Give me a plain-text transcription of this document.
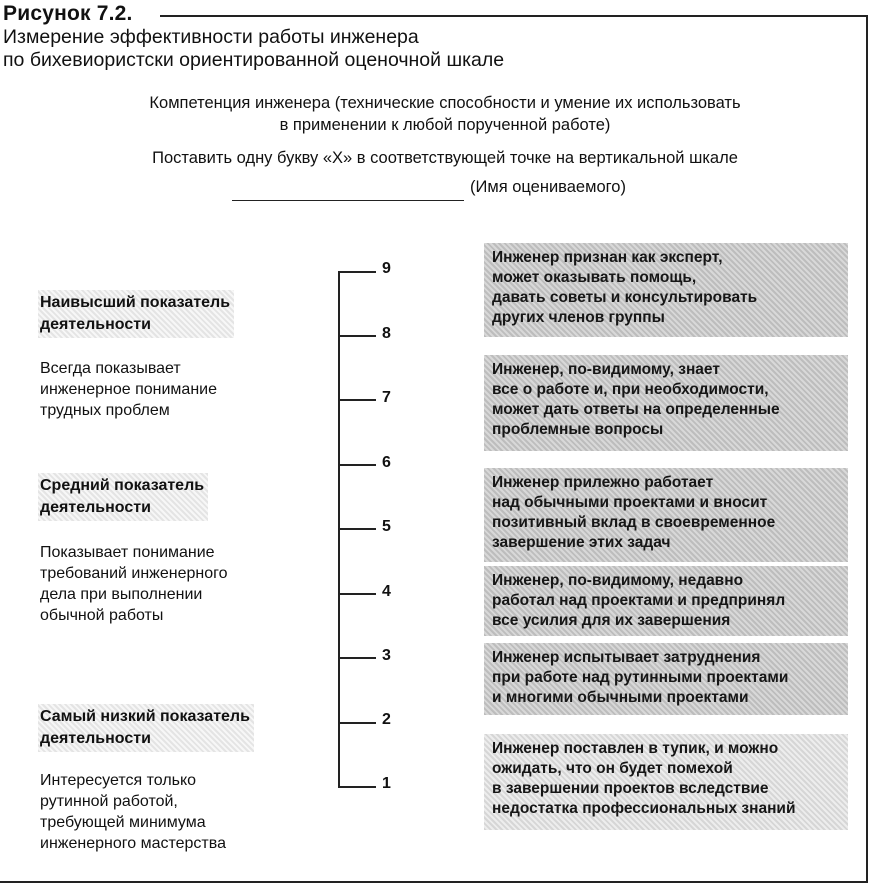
Рисунок 7.2.
Измерение эффективности работы инженера
по бихевиористски ориентированной оценочной шкале
Компетенция инженера (технические способности и умение их использовать
в применении к любой порученной работе)
Поставить одну букву «X» в соответствующей точке на вертикальной шкале
(Имя оцениваемого)
9
8
7
6
5
4
3
2
1
Наивысший показатель
деятельности
Всегда показывает
инженерное понимание
трудных проблем
Средний показатель
деятельности
Показывает понимание
требований инженерного
дела при выполнении
обычной работы
Самый низкий показатель
деятельности
Интересуется только
рутинной работой,
требующей минимума
инженерного мастерства
Инженер признан как эксперт,
может оказывать помощь,
давать советы и консультировать
других членов группы
Инженер, по-видимому, знает
все о работе и, при необходимости,
может дать ответы на определенные
проблемные вопросы
Инженер прилежно работает
над обычными проектами и вносит
позитивный вклад в своевременное
завершение этих задач
Инженер, по-видимому, недавно
работал над проектами и предпринял
все усилия для их завершения
Инженер испытывает затруднения
при работе над рутинными проектами
и многими обычными проектами
Инженер поставлен в тупик, и можно
ожидать, что он будет помехой
в завершении проектов вследствие
недостатка профессиональных знаний
